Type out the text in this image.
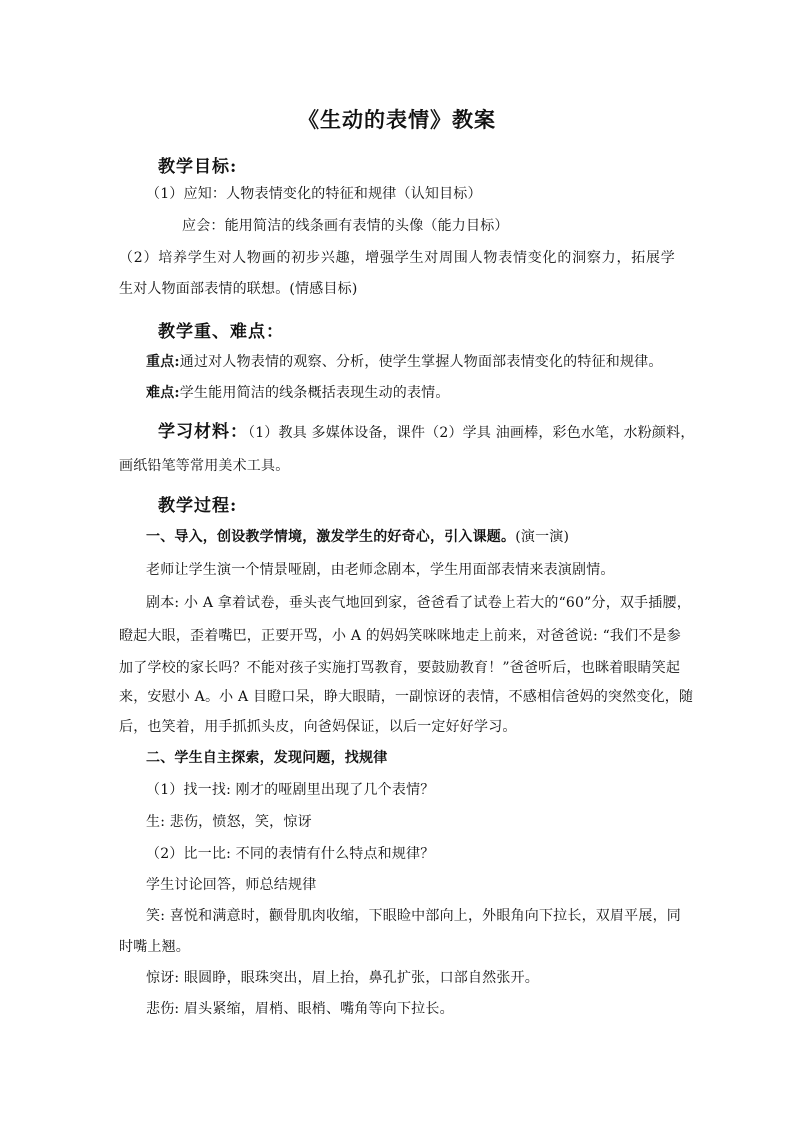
《生动的表情》教案
教学目标:
（1）应知：人物表情变化的特征和规律（认知目标）
应会：能用简洁的线条画有表情的头像（能力目标）
（2）培养学生对人物画的初步兴趣，增强学生对周围人物表情变化的洞察力，拓展学
生对人物面部表情的联想。(情感目标)
教学重、难点：
重点:通过对人物表情的观察、分析，使学生掌握人物面部表情变化的特征和规律。
难点:学生能用简洁的线条概括表现生动的表情。
学习材料：（1）教具 多媒体设备，课件（2）学具 油画棒，彩色水笔，水粉颜料，
画纸铅笔等常用美术工具。
教学过程:
一、导入，创设教学情境，激发学生的好奇心，引入课题。(演一演)
老师让学生演一个情景哑剧，由老师念剧本，学生用面部表情来表演剧情。
剧本: 小 A 拿着试卷，垂头丧气地回到家，爸爸看了试卷上若大的“60”分，双手插腰，
瞪起大眼，歪着嘴巴，正要开骂，小 A 的妈妈笑咪咪地走上前来，对爸爸说: “我们不是参
加了学校的家长吗？不能对孩子实施打骂教育，要鼓励教育！”爸爸听后，也眯着眼睛笑起
来，安慰小 A。小 A 目瞪口呆，睁大眼睛，一副惊讶的表情，不感相信爸妈的突然变化，随
后，也笑着，用手抓抓头皮，向爸妈保证，以后一定好好学习。
二、学生自主探索，发现问题，找规律
（1）找一找: 刚才的哑剧里出现了几个表情？
生: 悲伤，愤怒，笑，惊讶
（2）比一比: 不同的表情有什么特点和规律？
学生讨论回答，师总结规律
笑: 喜悦和满意时，颧骨肌肉收缩，下眼睑中部向上，外眼角向下拉长，双眉平展，同
时嘴上翘。
惊讶: 眼圆睁，眼珠突出，眉上抬，鼻孔扩张，口部自然张开。
悲伤: 眉头紧缩，眉梢、眼梢、嘴角等向下拉长。
